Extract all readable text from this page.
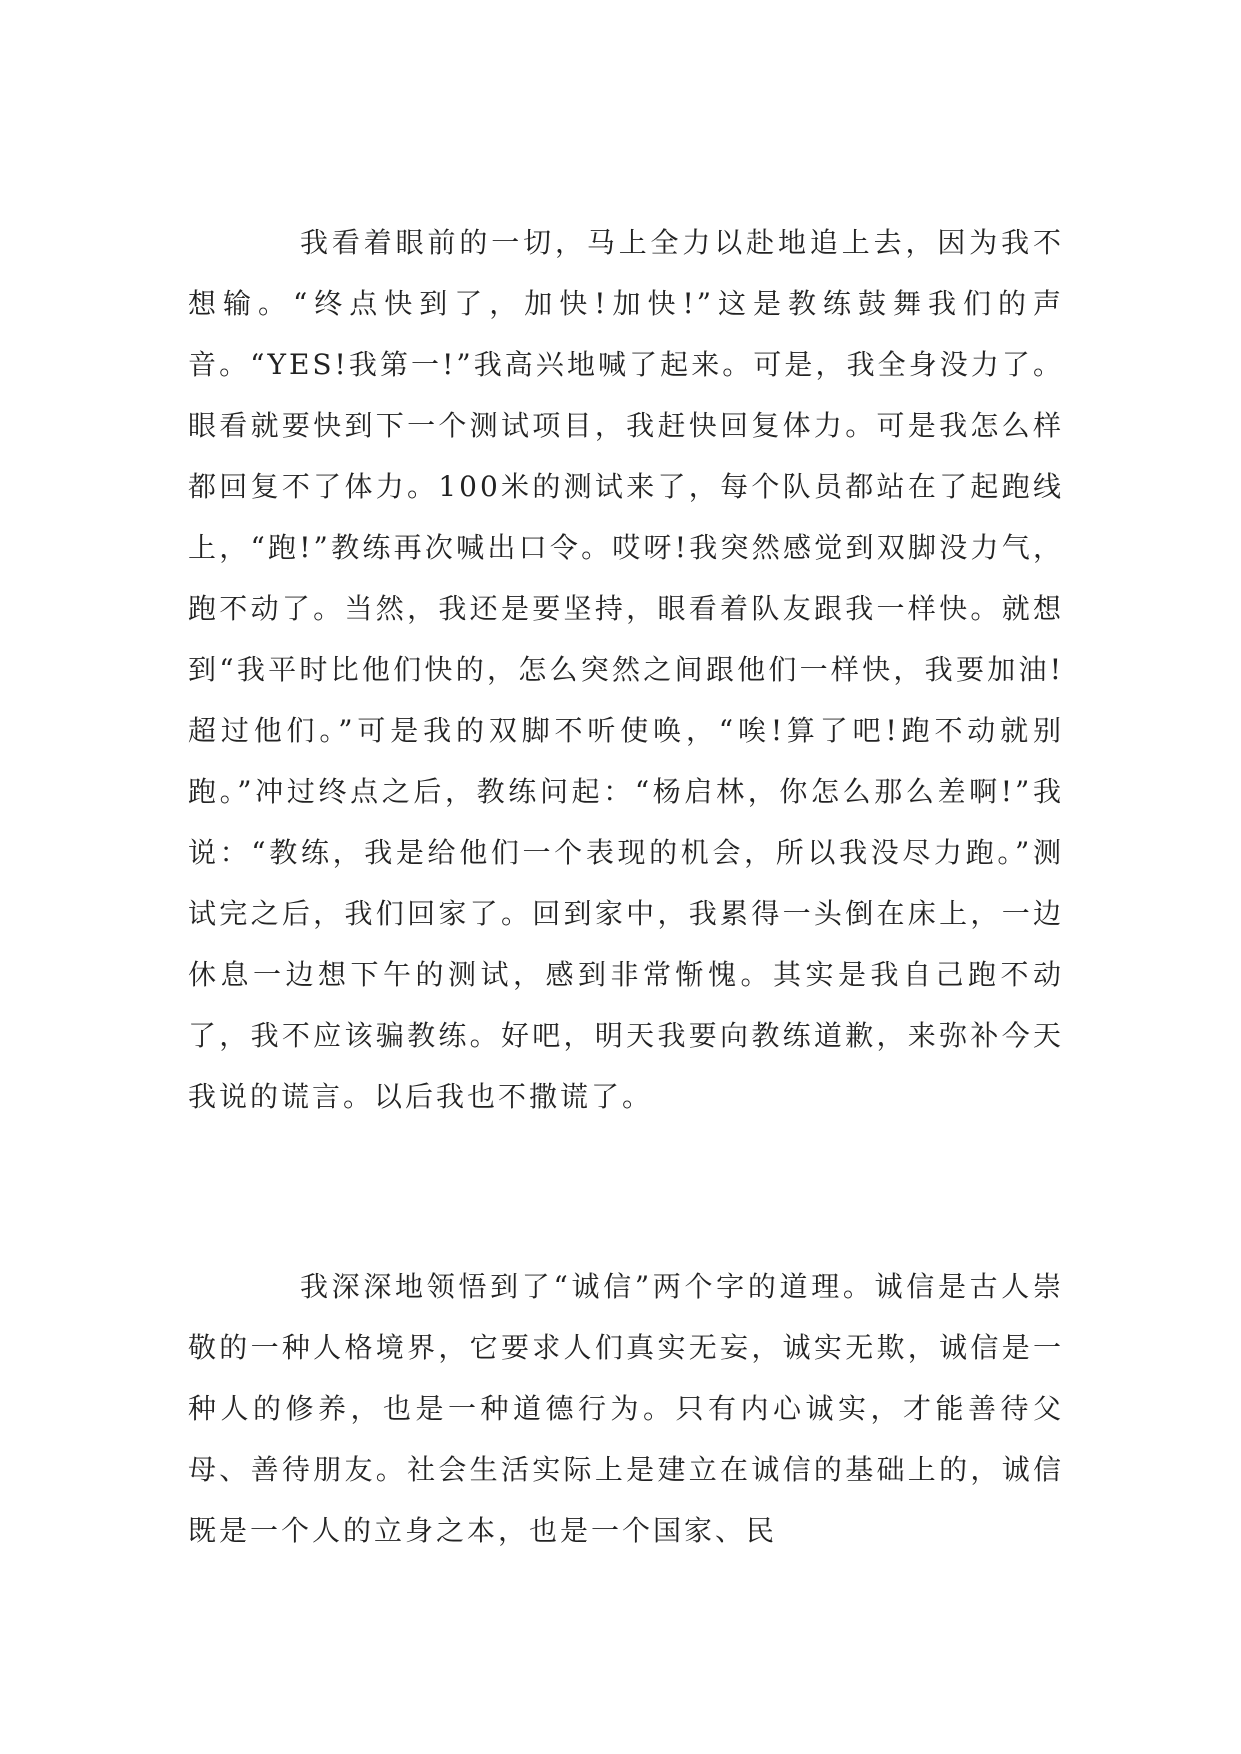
我看着眼前的一切，马上全力以赴地追上去，因为我不想输。“终点快到了，加快!加快!”这是教练鼓舞我们的声音。“YES!我第一!”我高兴地喊了起来。可是，我全身没力了。眼看就要快到下一个测试项目，我赶快回复体力。可是我怎么样都回复不了体力。100米的测试来了，每个队员都站在了起跑线上，“跑!”教练再次喊出口令。哎呀!我突然感觉到双脚没力气，跑不动了。当然，我还是要坚持，眼看着队友跟我一样快。就想到“我平时比他们快的，怎么突然之间跟他们一样快，我要加油!超过他们。”可是我的双脚不听使唤，“唉!算了吧!跑不动就别跑。”冲过终点之后，教练问起：“杨启林，你怎么那么差啊!”我说：“教练，我是给他们一个表现的机会，所以我没尽力跑。”测试完之后，我们回家了。回到家中，我累得一头倒在床上，一边休息一边想下午的测试，感到非常惭愧。其实是我自己跑不动了，我不应该骗教练。好吧，明天我要向教练道歉，来弥补今天我说的谎言。以后我也不撒谎了。

我深深地领悟到了“诚信”两个字的道理。诚信是古人崇敬的一种人格境界，它要求人们真实无妄，诚实无欺，诚信是一种人的修养，也是一种道德行为。只有内心诚实，才能善待父母、善待朋友。社会生活实际上是建立在诚信的基础上的，诚信既是一个人的立身之本，也是一个国家、民
